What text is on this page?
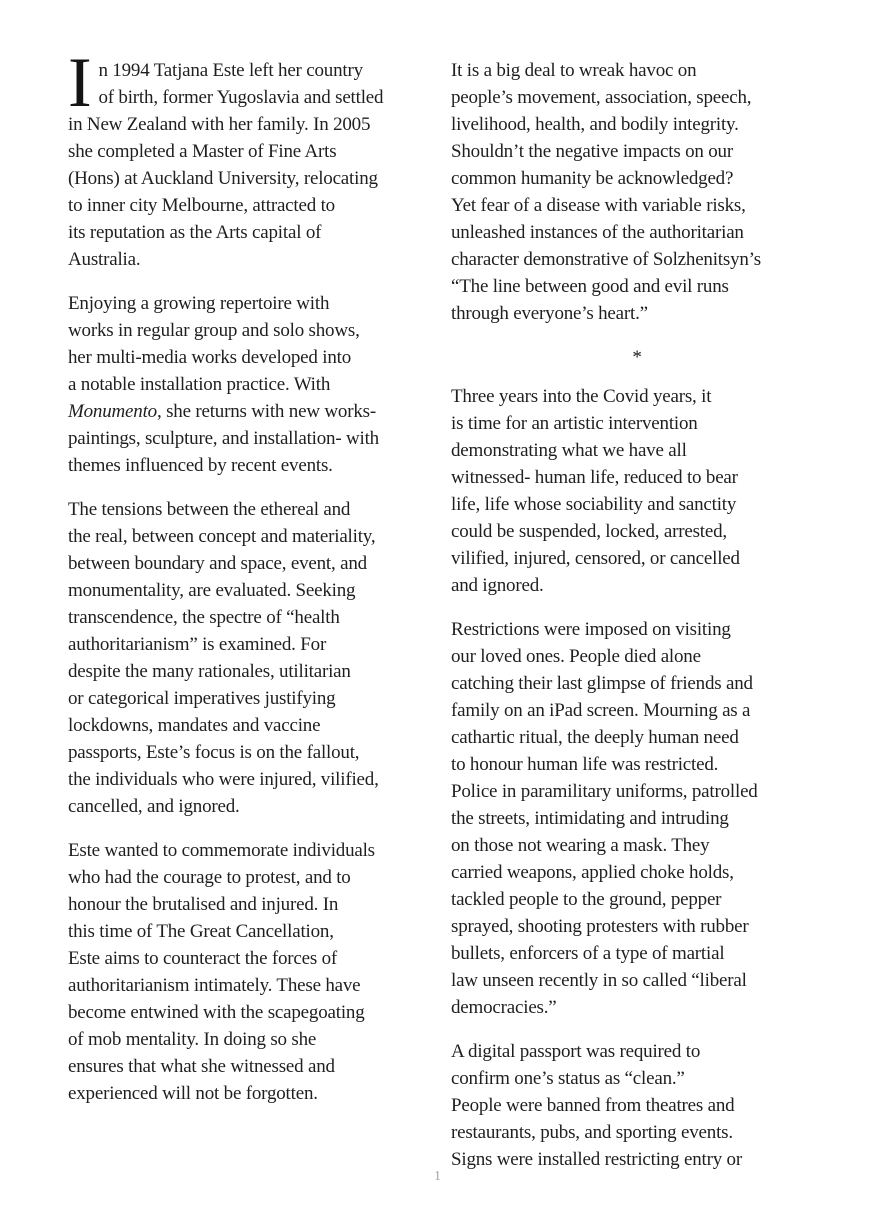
I n 1994 Tatjana Este left her country
of birth, former Yugoslavia and settled
in New Zealand with her family. In 2005
she completed a Master of Fine Arts
(Hons) at Auckland University, relocating
to inner city Melbourne, attracted to
its reputation as the Arts capital of
Australia.
Enjoying a growing repertoire with
works in regular group and solo shows,
her multi-media works developed into
a notable installation practice. With
Monumento, she returns with new works-
paintings, sculpture, and installation- with
themes influenced by recent events.
The tensions between the ethereal and
the real, between concept and materiality,
between boundary and space, event, and
monumentality, are evaluated. Seeking
transcendence, the spectre of “health
authoritarianism” is examined. For
despite the many rationales, utilitarian
or categorical imperatives justifying
lockdowns, mandates and vaccine
passports, Este’s focus is on the fallout,
the individuals who were injured, vilified,
cancelled, and ignored.
Este wanted to commemorate individuals
who had the courage to protest, and to
honour the brutalised and injured. In
this time of The Great Cancellation,
Este aims to counteract the forces of
authoritarianism intimately. These have
become entwined with the scapegoating
of mob mentality. In doing so she
ensures that what she witnessed and
experienced will not be forgotten.
It is a big deal to wreak havoc on
people’s movement, association, speech,
livelihood, health, and bodily integrity.
Shouldn’t the negative impacts on our
common humanity be acknowledged?
Yet fear of a disease with variable risks,
unleashed instances of the authoritarian
character demonstrative of Solzhenitsyn’s
“The line between good and evil runs
through everyone’s heart.”
*
Three years into the Covid years, it
is time for an artistic intervention
demonstrating what we have all
witnessed- human life, reduced to bear
life, life whose sociability and sanctity
could be suspended, locked, arrested,
vilified, injured, censored, or cancelled
and ignored.
Restrictions were imposed on visiting
our loved ones. People died alone
catching their last glimpse of friends and
family on an iPad screen. Mourning as a
cathartic ritual, the deeply human need
to honour human life was restricted.
Police in paramilitary uniforms, patrolled
the streets, intimidating and intruding
on those not wearing a mask. They
carried weapons, applied choke holds,
tackled people to the ground, pepper
sprayed, shooting protesters with rubber
bullets, enforcers of a type of martial
law unseen recently in so called “liberal
democracies.”
A digital passport was required to
confirm one’s status as “clean.”
People were banned from theatres and
restaurants, pubs, and sporting events.
Signs were installed restricting entry or
1
